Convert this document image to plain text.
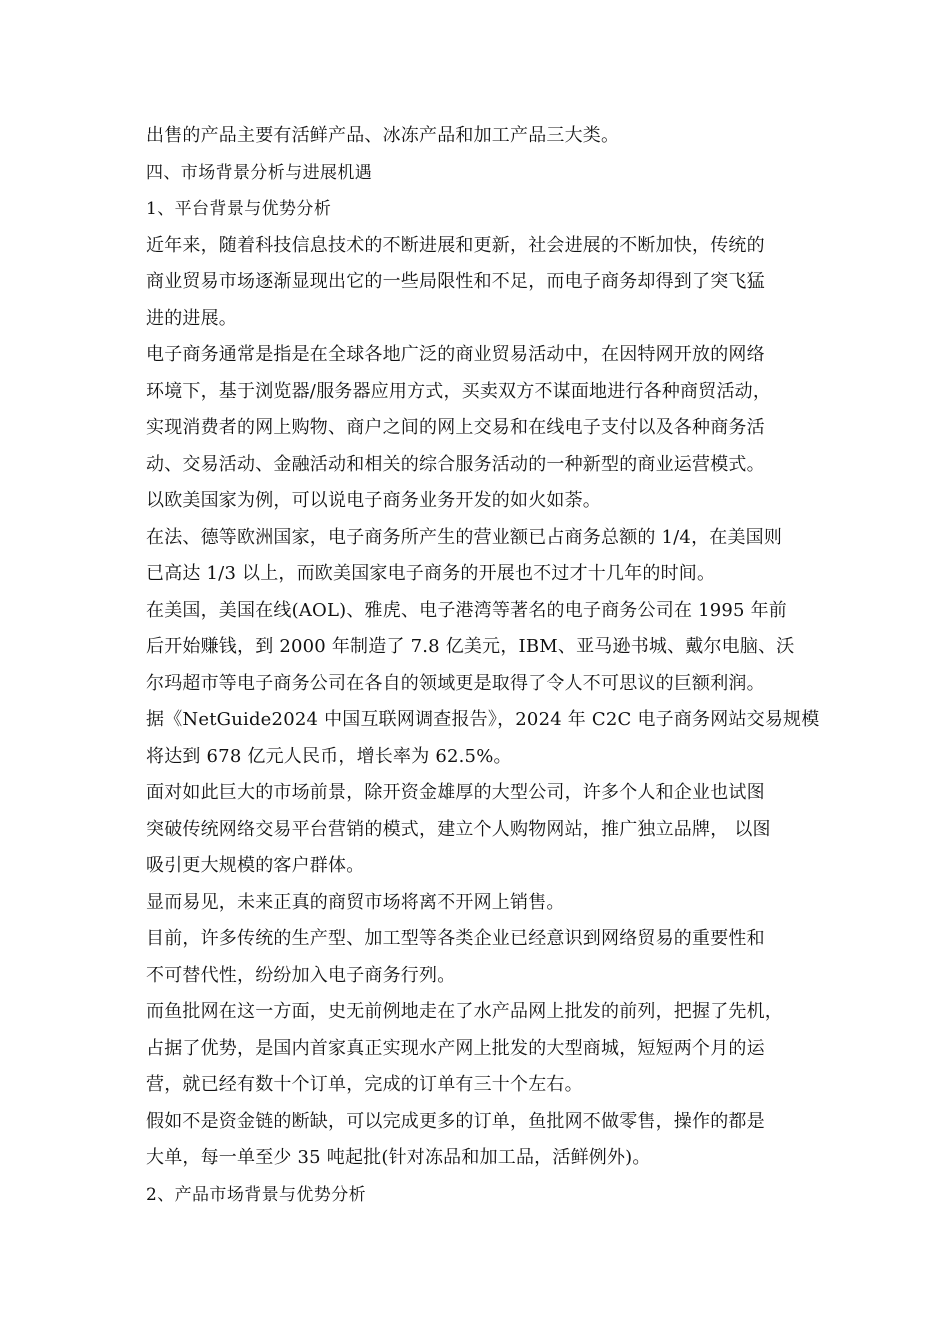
出售的产品主要有活鲜产品、冰冻产品和加工产品三大类。

四、市场背景分析与进展机遇

1、平台背景与优势分析

近年来，随着科技信息技术的不断进展和更新，社会进展的不断加快，传统的
商业贸易市场逐渐显现出它的一些局限性和不足，而电子商务却得到了突飞猛
进的进展。

电子商务通常是指是在全球各地广泛的商业贸易活动中，在因特网开放的网络
环境下，基于浏览器/服务器应用方式，买卖双方不谋面地进行各种商贸活动，
实现消费者的网上购物、商户之间的网上交易和在线电子支付以及各种商务活
动、交易活动、金融活动和相关的综合服务活动的一种新型的商业运营模式。

以欧美国家为例，可以说电子商务业务开发的如火如荼。

在法、德等欧洲国家，电子商务所产生的营业额已占商务总额的 1/4，在美国则
已高达 1/3 以上，而欧美国家电子商务的开展也不过才十几年的时间。

在美国，美国在线(AOL)、雅虎、电子港湾等著名的电子商务公司在 1995 年前
后开始赚钱，到 2000 年制造了 7.8 亿美元，IBM、亚马逊书城、戴尔电脑、沃
尔玛超市等电子商务公司在各自的领域更是取得了令人不可思议的巨额利润。

据《NetGuide2024 中国互联网调查报告》，2024 年 C2C 电子商务网站交易规模
将达到 678 亿元人民币，增长率为 62.5%。

面对如此巨大的市场前景，除开资金雄厚的大型公司，许多个人和企业也试图
突破传统网络交易平台营销的模式，建立个人购物网站，推广独立品牌， 以图
吸引更大规模的客户群体。

显而易见，未来正真的商贸市场将离不开网上销售。

目前，许多传统的生产型、加工型等各类企业已经意识到网络贸易的重要性和
不可替代性，纷纷加入电子商务行列。

而鱼批网在这一方面，史无前例地走在了水产品网上批发的前列，把握了先机，
占据了优势，是国内首家真正实现水产网上批发的大型商城，短短两个月的运
营，就已经有数十个订单，完成的订单有三十个左右。

假如不是资金链的断缺，可以完成更多的订单，鱼批网不做零售，操作的都是
大单，每一单至少 35 吨起批(针对冻品和加工品，活鲜例外)。

2、产品市场背景与优势分析
